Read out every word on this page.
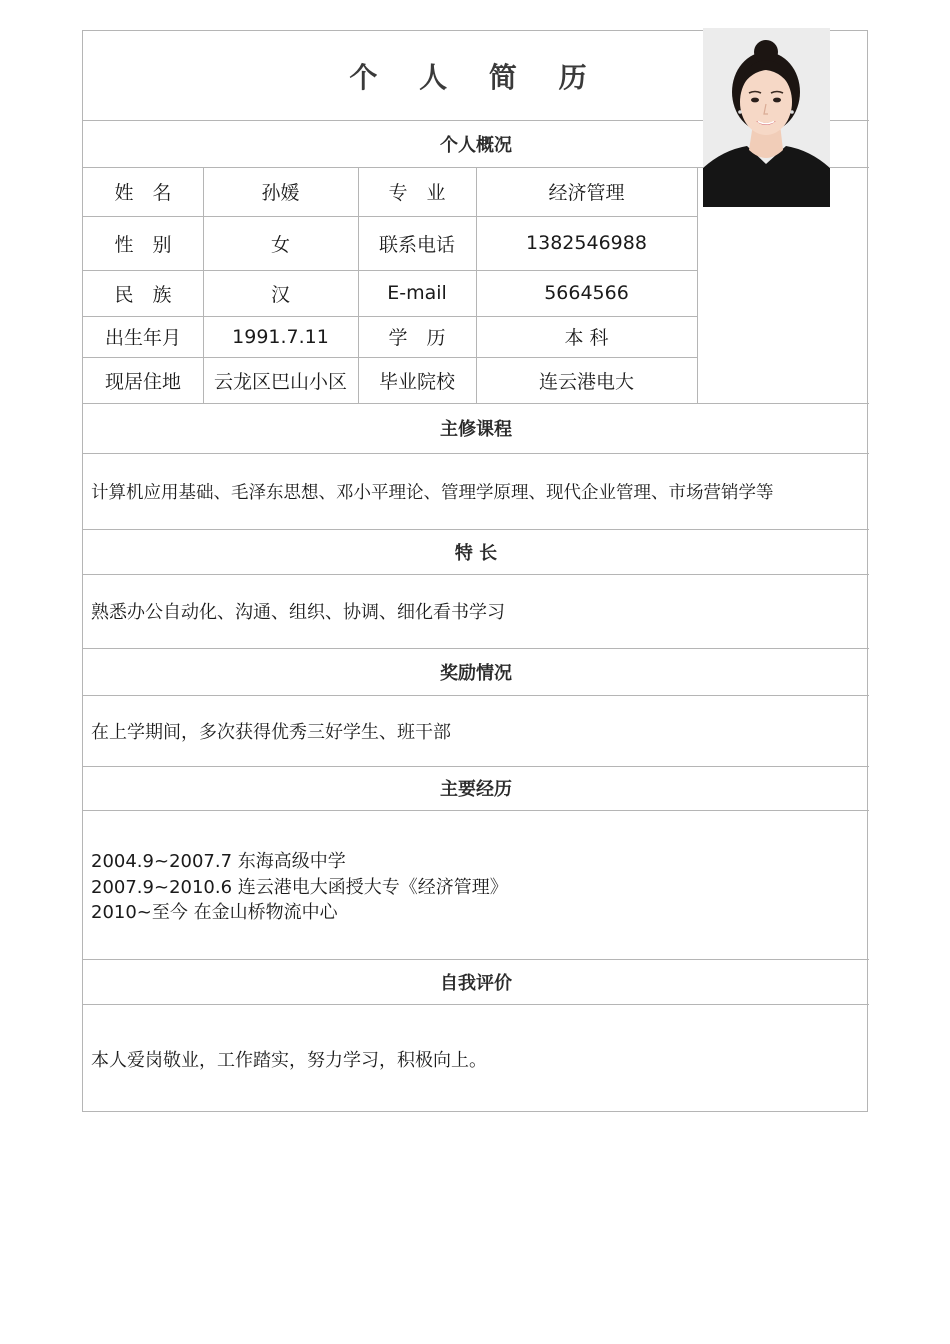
个 人 简 历
个人概况
姓　名	孙媛	专　业	经济管理
性　别	女	联系电话	1382546988
民　族	汉	E-mail	5664566
出生年月	1991.7.11	学　历	本 科
现居住地	云龙区巴山小区	毕业院校	连云港电大
主修课程
计算机应用基础、毛泽东思想、邓小平理论、管理学原理、现代企业管理、市场营销学等
特 长
熟悉办公自动化、沟通、组织、协调、细化看书学习
奖励情况
在上学期间，多次获得优秀三好学生、班干部
主要经历
2004.9~2007.7 东海高级中学
2007.9~2010.6 连云港电大函授大专《经济管理》
2010~至今 在金山桥物流中心
自我评价
本人爱岗敬业，工作踏实，努力学习，积极向上。
